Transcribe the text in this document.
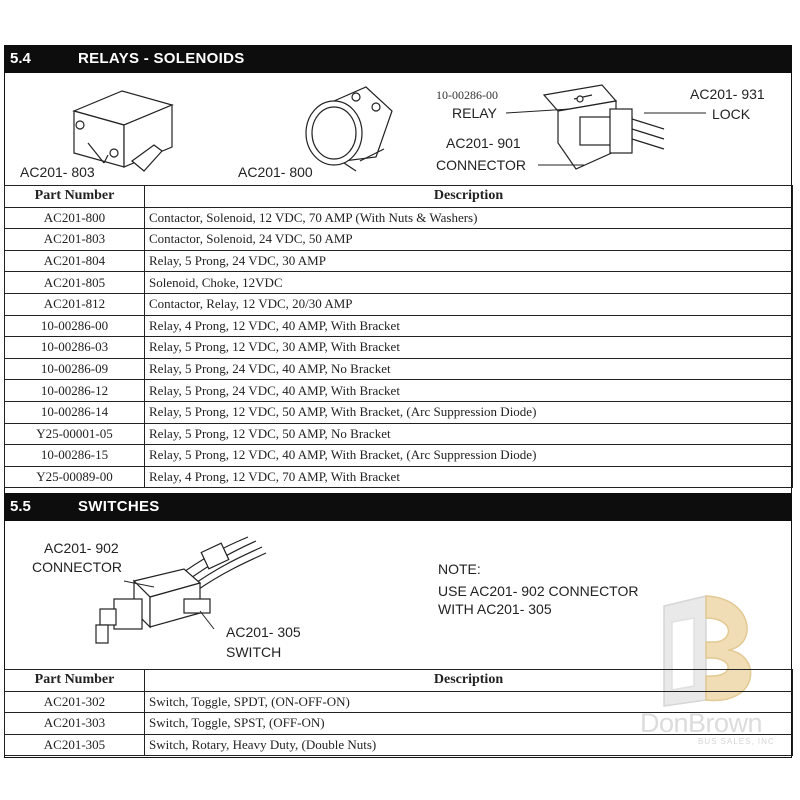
5.4	RELAYS - SOLENOIDS
AC201- 803	AC201- 800
10-00286-00
RELAY
AC201- 901
CONNECTOR
AC201- 931
LOCK
Part Number	Description
AC201-800	Contactor, Solenoid, 12 VDC, 70 AMP (With Nuts & Washers)
AC201-803	Contactor, Solenoid, 24 VDC, 50 AMP
AC201-804	Relay, 5 Prong, 24 VDC, 30 AMP
AC201-805	Solenoid, Choke, 12VDC
AC201-812	Contactor, Relay, 12 VDC, 20/30 AMP
10-00286-00	Relay, 4 Prong, 12 VDC, 40 AMP, With Bracket
10-00286-03	Relay, 5 Prong, 12 VDC, 30 AMP, With Bracket
10-00286-09	Relay, 5 Prong, 24 VDC, 40 AMP, No Bracket
10-00286-12	Relay, 5 Prong, 24 VDC, 40 AMP, With Bracket
10-00286-14	Relay, 5 Prong, 12 VDC, 50 AMP, With Bracket, (Arc Suppression Diode)
Y25-00001-05	Relay, 5 Prong, 12 VDC, 50 AMP, No Bracket
10-00286-15	Relay, 5 Prong, 12 VDC, 40 AMP, With Bracket, (Arc Suppression Diode)
Y25-00089-00	Relay, 4 Prong, 12 VDC, 70 AMP, With Bracket
5.5	SWITCHES
AC201- 902
CONNECTOR
AC201- 305
SWITCH
NOTE:
USE AC201- 902 CONNECTOR
WITH AC201- 305
DonBrown
BUS SALES, INC
Part Number	Description
AC201-302	Switch, Toggle, SPDT, (ON-OFF-ON)
AC201-303	Switch, Toggle, SPST, (OFF-ON)
AC201-305	Switch, Rotary, Heavy Duty, (Double Nuts)
